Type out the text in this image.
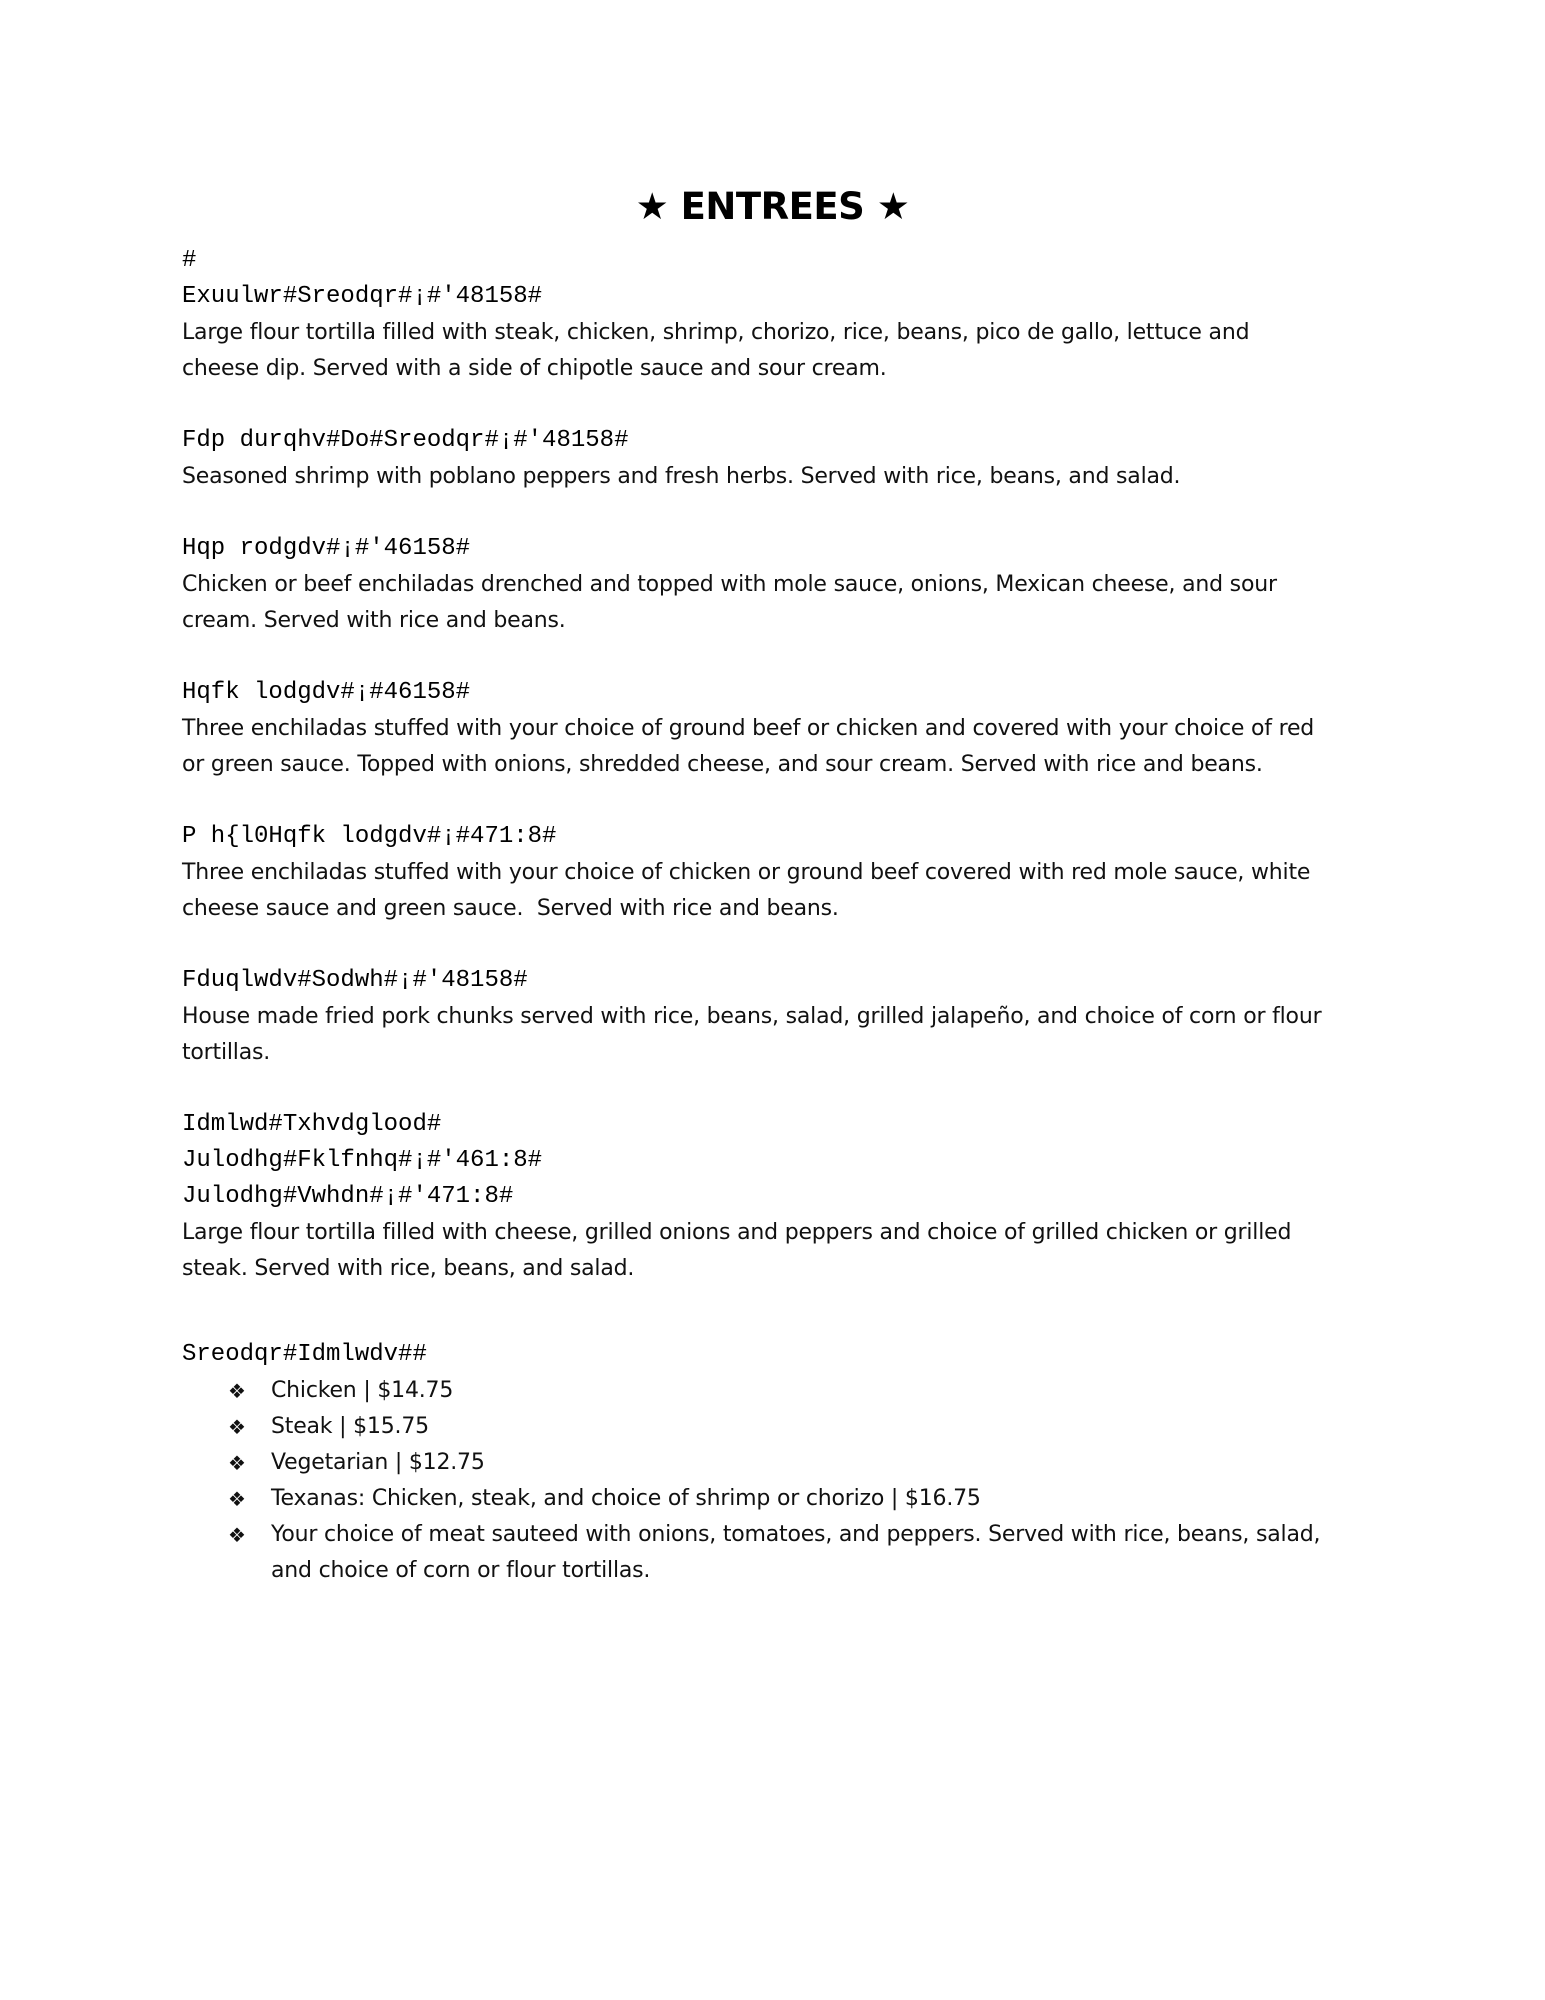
★ ENTREES ★
#
Exuulwr#Sreodqr#¡#'48158#
Large flour tortilla filled with steak, chicken, shrimp, chorizo, rice, beans, pico de gallo, lettuce and
cheese dip. Served with a side of chipotle sauce and sour cream.
Fdp durqhv#Do#Sreodqr#¡#'48158#
Seasoned shrimp with poblano peppers and fresh herbs. Served with rice, beans, and salad.
Hqp rodgdv#¡#'46158#
Chicken or beef enchiladas drenched and topped with mole sauce, onions, Mexican cheese, and sour
cream. Served with rice and beans.
Hqfk lodgdv#¡#46158#
Three enchiladas stuffed with your choice of ground beef or chicken and covered with your choice of red
or green sauce. Topped with onions, shredded cheese, and sour cream. Served with rice and beans.
P h{l0Hqfk lodgdv#¡#471:8#
Three enchiladas stuffed with your choice of chicken or ground beef covered with red mole sauce, white
cheese sauce and green sauce.  Served with rice and beans.
Fduqlwdv#Sodwh#¡#'48158#
House made fried pork chunks served with rice, beans, salad, grilled jalapeño, and choice of corn or flour
tortillas.
Idmlwd#Txhvdglood#
Julodhg#Fklfnhq#¡#'461:8#
Julodhg#Vwhdn#¡#'471:8#
Large flour tortilla filled with cheese, grilled onions and peppers and choice of grilled chicken or grilled
steak. Served with rice, beans, and salad.
Sreodqr#Idmlwdv##
❖ Chicken | $14.75
❖ Steak | $15.75
❖ Vegetarian | $12.75
❖ Texanas: Chicken, steak, and choice of shrimp or chorizo | $16.75
❖ Your choice of meat sauteed with onions, tomatoes, and peppers. Served with rice, beans, salad,
and choice of corn or flour tortillas.
